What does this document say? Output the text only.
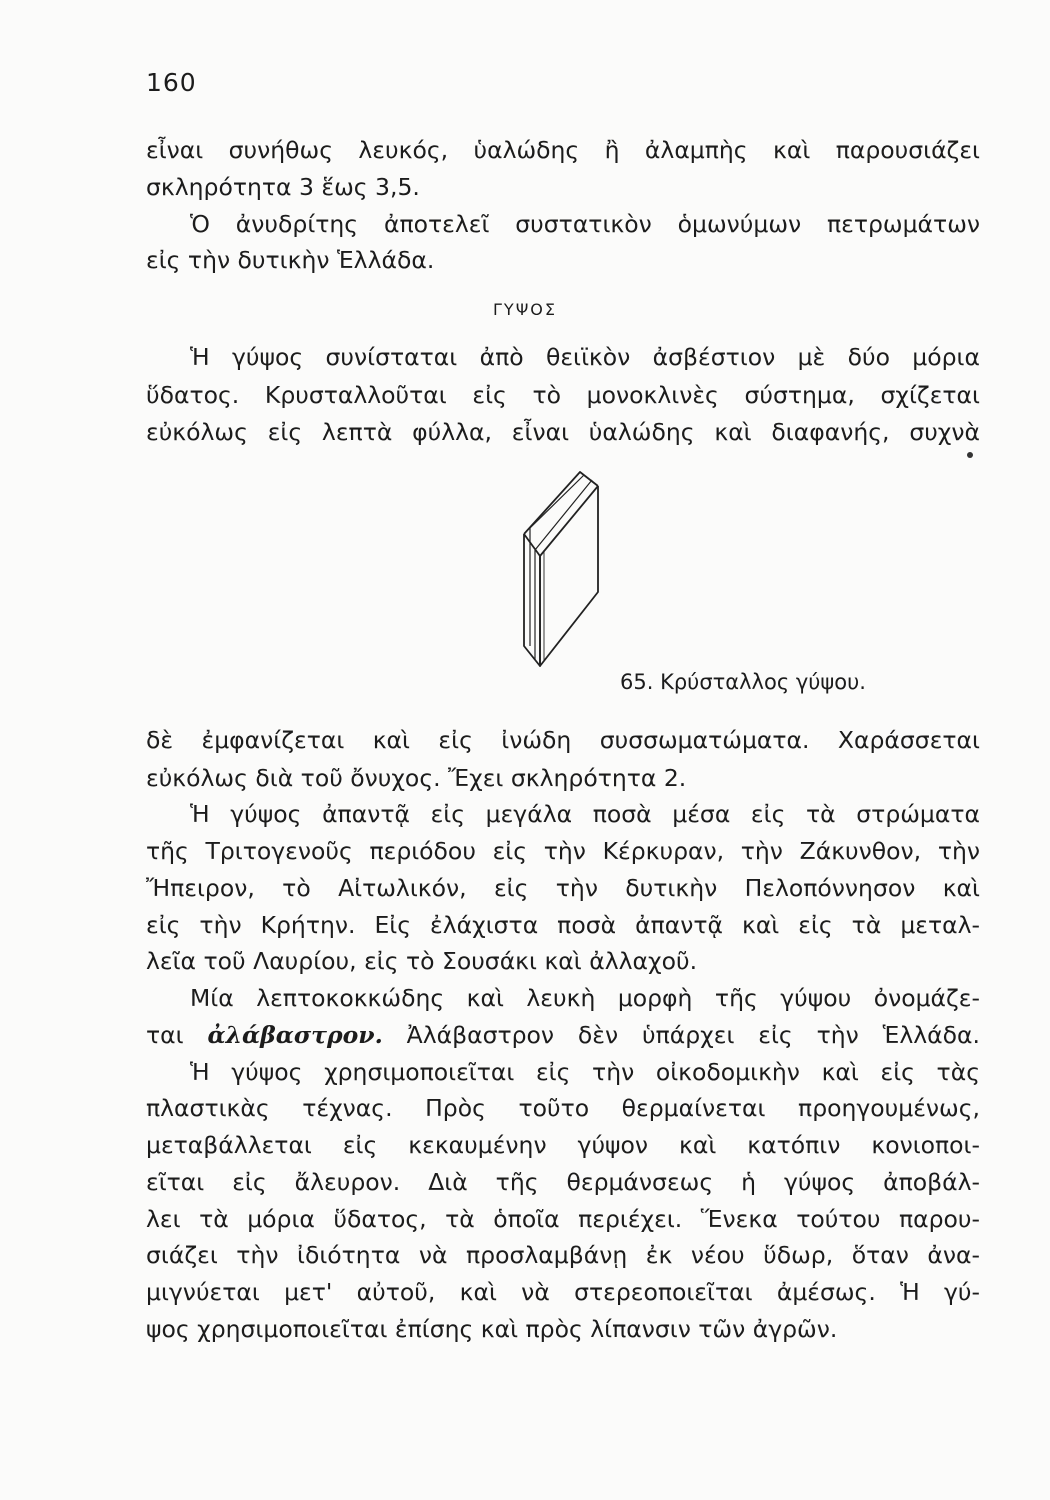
160
εἶναι συνήθως λευκός, ὑαλώδης ἢ ἀλαμπὴς καὶ παρουσιάζει
σκληρότητα 3 ἕως 3,5.
Ὁ ἀνυδρίτης ἀποτελεῖ συστατικὸν ὁμωνύμων πετρωμάτων
εἰς τὴν δυτικὴν Ἑλλάδα.
Ἡ γύψος συνίσταται ἀπὸ θειϊκὸν ἀσβέστιον μὲ δύο μόρια
ὕδατος. Κρυσταλλοῦται εἰς τὸ μονοκλινὲς σύστημα, σχίζεται
εὐκόλως εἰς λεπτὰ φύλλα, εἶναι ὑαλώδης καὶ διαφανής, συχνὰ
δὲ ἐμφανίζεται καὶ εἰς ἰνώδη συσσωματώματα. Χαράσσεται
εὐκόλως διὰ τοῦ ὄνυχος. Ἔχει σκληρότητα 2.
Ἡ γύψος ἀπαντᾷ εἰς μεγάλα ποσὰ μέσα εἰς τὰ στρώματα
τῆς Τριτογενοῦς περιόδου εἰς τὴν Κέρκυραν, τὴν Ζάκυνθον, τὴν
Ἤπειρον, τὸ Αἰτωλικόν, εἰς τὴν δυτικὴν Πελοπόννησον καὶ
εἰς τὴν Κρήτην. Εἰς ἐλάχιστα ποσὰ ἀπαντᾷ καὶ εἰς τὰ μεταλ-
λεῖα τοῦ Λαυρίου, εἰς τὸ Σουσάκι καὶ ἀλλαχοῦ.
Μία λεπτοκοκκώδης καὶ λευκὴ μορφὴ τῆς γύψου ὀνομάζε-
ται ἀλάβαστρον. Ἀλάβαστρον δὲν ὑπάρχει εἰς τὴν Ἑλλάδα.
Ἡ γύψος χρησιμοποιεῖται εἰς τὴν οἰκοδομικὴν καὶ εἰς τὰς
πλαστικὰς τέχνας. Πρὸς τοῦτο θερμαίνεται προηγουμένως,
μεταβάλλεται εἰς κεκαυμένην γύψον καὶ κατόπιν κονιοποι-
εῖται εἰς ἄλευρον. Διὰ τῆς θερμάνσεως ἡ γύψος ἀποβάλ-
λει τὰ μόρια ὕδατος, τὰ ὁποῖα περιέχει. Ἕνεκα τούτου παρου-
σιάζει τὴν ἰδιότητα νὰ προσλαμβάνῃ ἐκ νέου ὕδωρ, ὅταν ἀνα-
μιγνύεται μετ' αὐτοῦ, καὶ νὰ στερεοποιεῖται ἀμέσως. Ἡ γύ-
ψος χρησιμοποιεῖται ἐπίσης καὶ πρὸς λίπανσιν τῶν ἀγρῶν.
ΓΥΨΟΣ
65. Κρύσταλλος γύψου.
